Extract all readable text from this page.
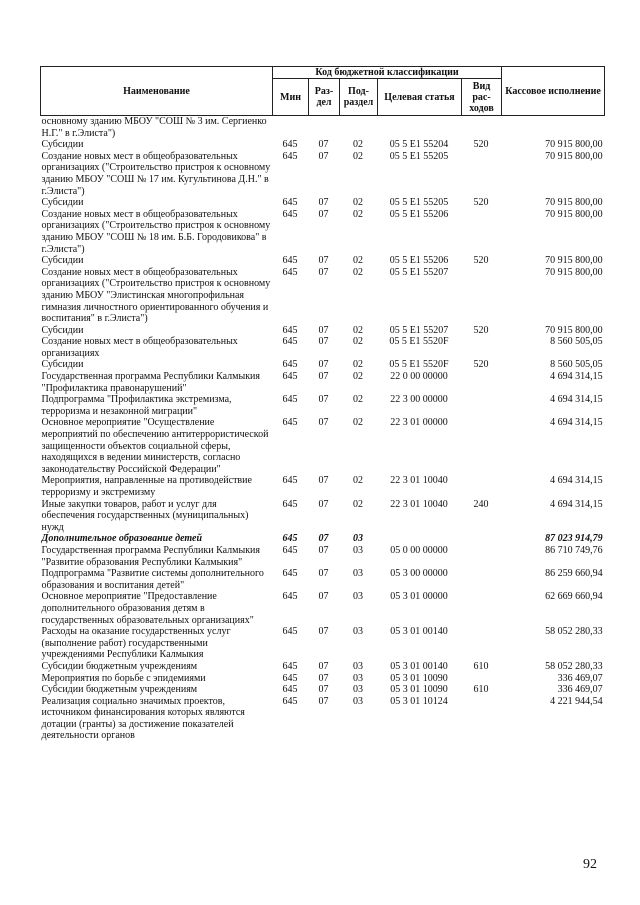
Наименование	Код бюджетной классификации					Кассовое исполнение
	Мин	Раз-дел	Под-раздел	Целевая статья	Вид рас-ходов	
основному зданию МБОУ "СОШ № 3 им. Сергиенко Н.Г." в г.Элиста")						
Субсидии	645	07	02	05 5 E1 55204	520	70 915 800,00
Создание новых мест в общеобразовательных организациях ("Строительство пристроя к основному зданию МБОУ "СОШ № 17 им. Кугультинова Д.Н." в г.Элиста")	645	07	02	05 5 E1 55205		70 915 800,00
Субсидии	645	07	02	05 5 E1 55205	520	70 915 800,00
Создание новых мест в общеобразовательных организациях ("Строительство пристроя к основному зданию МБОУ "СОШ № 18 им. Б.Б. Городовикова" в г.Элиста")	645	07	02	05 5 E1 55206		70 915 800,00
Субсидии	645	07	02	05 5 E1 55206	520	70 915 800,00
Создание новых мест в общеобразовательных организациях ("Строительство пристроя к основному зданию МБОУ "Элистинская многопрофильная гимназия личностного ориентированного обучения и воспитания" в г.Элиста")	645	07	02	05 5 E1 55207		70 915 800,00
Субсидии	645	07	02	05 5 E1 55207	520	70 915 800,00
Создание новых мест в общеобразовательных организациях	645	07	02	05 5 E1 5520F		8 560 505,05
Субсидии	645	07	02	05 5 E1 5520F	520	8 560 505,05
Государственная программа Республики Калмыкия "Профилактика правонарушений"	645	07	02	22 0 00 00000		4 694 314,15
Подпрограмма "Профилактика экстремизма, терроризма и незаконной миграции"	645	07	02	22 3 00 00000		4 694 314,15
Основное мероприятие "Осуществление мероприятий по обеспечению антитеррористической защищенности объектов социальной сферы, находящихся в ведении министерств, согласно законодательству Российской Федерации"	645	07	02	22 3 01 00000		4 694 314,15
Мероприятия, направленные на противодействие терроризму и экстремизму	645	07	02	22 3 01 10040		4 694 314,15
Иные закупки товаров, работ и услуг для обеспечения государственных (муниципальных) нужд	645	07	02	22 3 01 10040	240	4 694 314,15
Дополнительное образование детей	645	07	03			87 023 914,79
Государственная программа Республики Калмыкия "Развитие образования Республики Калмыкия"	645	07	03	05 0 00 00000		86 710 749,76
Подпрограмма "Развитие системы дополнительного образования и воспитания детей"	645	07	03	05 3 00 00000		86 259 660,94
Основное мероприятие "Предоставление дополнительного образования детям в государственных образовательных организациях"	645	07	03	05 3 01 00000		62 669 660,94
Расходы на оказание государственных услуг (выполнение работ) государственными учреждениями Республики Калмыкия	645	07	03	05 3 01 00140		58 052 280,33
Субсидии бюджетным учреждениям	645	07	03	05 3 01 00140	610	58 052 280,33
Мероприятия по борьбе с эпидемиями	645	07	03	05 3 01 10090		336 469,07
Субсидии бюджетным учреждениям	645	07	03	05 3 01 10090	610	336 469,07
Реализация социально значимых проектов, источником финансирования которых являются дотации (гранты) за достижение показателей деятельности органов	645	07	03	05 3 01 10124		4 221 944,54
92
